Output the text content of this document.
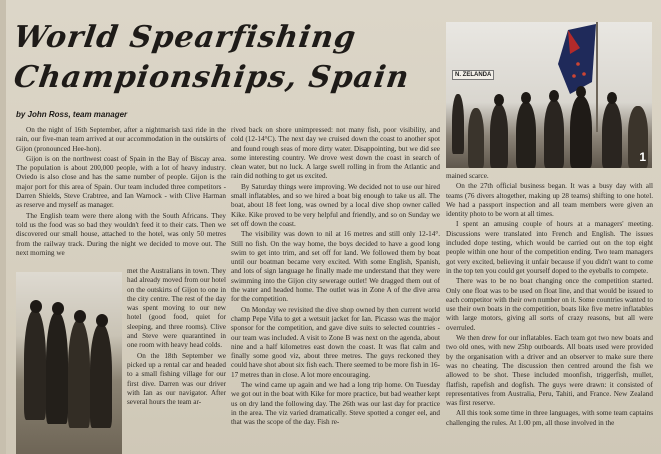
World Spearfishing
Championships, Spain
by John Ross, team manager
N. ZELANDA
1

On the night of 16th September, after a nightmarish taxi ride in the rain, our five-man team arrived at our accommodation in the outskirts of Gijon (pronounced Hee-hon).

Gijon is on the northwest coast of Spain in the Bay of Biscay area. The population is about 200,000 people, with a lot of heavy industry. Oviedo is also close and has the same number of people. Gijon is the major port for this area of Spain. Our team included three competitors - Darren Shields, Steve Crabtree, and Ian Warnock - with Clive Harman as reserve and myself as manager.

The English team were there along with the South Africans. They told us the food was so bad they wouldn't feed it to their cats. Then we discovered our small house, attached to the hotel, was only 50 metres from the railway track. During the night we decided to move out. The next morning we

met the Australians in town. They had already moved from our hotel on the outskirts of Gijon to one in the city centre. The rest of the day was spent moving to our new hotel (good food, quiet for sleeping, and three rooms). Clive and Steve were quarantined in one room with heavy head colds.

On the 18th September we picked up a rental car and headed to a small fishing village for our first dive. Darren was our driver with Ian as our navigator. After several hours the team ar-

rived back on shore unimpressed: not many fish, poor visibility, and cold (12-14°C). The next day we cruised down the coast to another spot and found rough seas of more dirty water. Disappointing, but we did see some interesting country. We drove west down the coast in search of clean water, but no luck. A large swell rolling in from the Atlantic and rain did nothing to get us excited.

By Saturday things were improving. We decided not to use our hired small inflatables, and so we hired a boat big enough to take us all. The boat, about 18 feet long, was owned by a local dive shop owner called Kike. Kike proved to be very helpful and friendly, and so on Sunday we set off down the coast.

The visibility was down to nil at 16 metres and still only 12-14°. Still no fish. On the way home, the boys decided to have a good long swim to get into trim, and set off for land. We followed them by boat until our boatman became very excited. With some English, Spanish, and lots of sign language he finally made me understand that they were swimming into the Gijon city sewerage outlet! We dragged them out of the water and headed home. The outlet was in Zone A of the dive area for the competition.

On Monday we revisited the dive shop owned by then current world champ Pepe Viña to get a wetsuit jacket for Ian. Picasso was the major sponsor for the competition, and gave dive suits to selected countries - our team was included. A visit to Zone B was next on the agenda, about nine and a half kilometres east down the coast. It was flat calm and finally some good viz, about three metres. The guys reckoned they could have shot about six fish each. There seemed to be more fish in 16-17 metres than in close. A lot more encouraging.

The wind came up again and we had a long trip home. On Tuesday we got out in the boat with Kike for more practice, but bad weather kept us on dry land the following day. The 26th was our last day for practice in the area. The viz varied dramatically. Steve spotted a conger eel, and that was the scope of the day. Fish re-

mained scarce.

On the 27th official business began. It was a busy day with all teams (76 divers altogether, making up 28 teams) shifting to one hotel. We had a passport inspection and all team members were given an identity photo to be worn at all times.

I spent an amusing couple of hours at a managers' meeting. Discussions were translated into French and English. The issues included dope testing, which would be carried out on the top eight people within one hour of the competition ending. Two team managers got very excited, believing it unfair because if you didn't want to come in the top ten you could get yourself doped to the eyeballs to compete.

There was to be no boat changing once the competition started. Only one float was to be used on float line, and that would be issued to each competitor with their own number on it. Some countries wanted to use their own boats in the competition, boats like five metre inflatables with large motors, giving all sorts of crazy reasons, but all were overruled.

We then drew for our inflatables. Each team got two new boats and two old ones, with new 25hp outboards. All boats used were provided by the organisation with a driver and an observer to make sure there was no cheating. The discussion then centred around the fish we allowed to be shot. These included moonfish, triggerfish, mullet, flatfish, rapefish and dogfish. The guys were drawn: it consisted of representatives from Australia, Peru, Tahiti, and France. New Zealand was first reserve.

All this took some time in three languages, with some team captains challenging the rules. At 1.00 pm, all those involved in the
